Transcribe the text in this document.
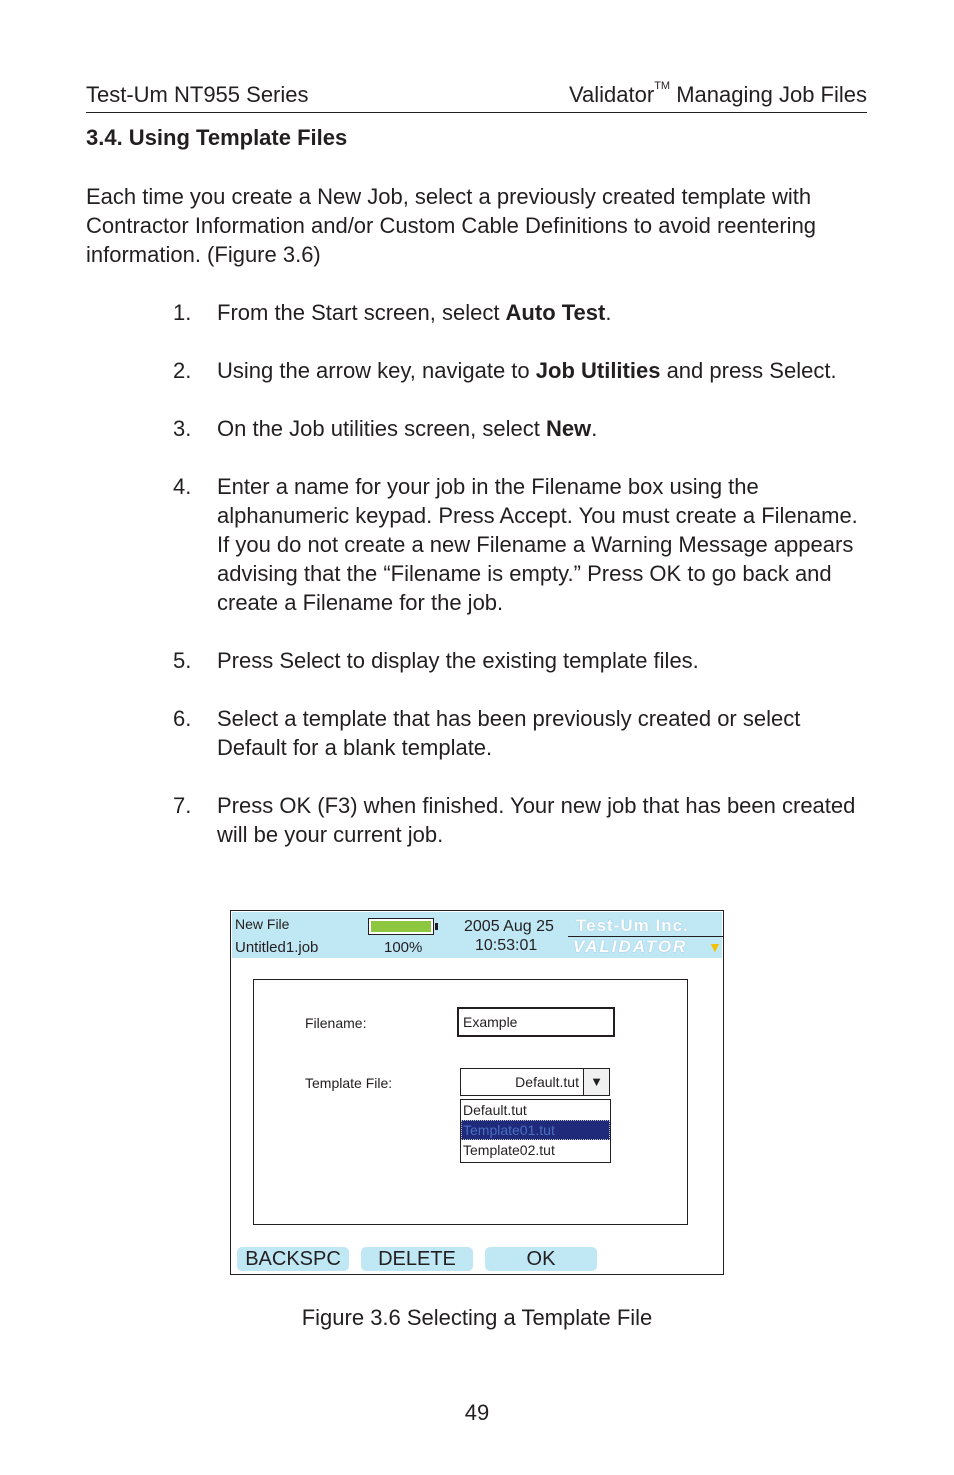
Test-Um NT955 Series	Validator™ Managing Job Files
3.4. Using Template Files

Each time you create a New Job, select a previously created template with Contractor Information and/or Custom Cable Definitions to avoid reentering information. (Figure 3.6)

1. From the Start screen, select Auto Test.
2. Using the arrow key, navigate to Job Utilities and press Select.
3. On the Job utilities screen, select New.
4. Enter a name for your job in the Filename box using the alphanumeric keypad. Press Accept. You must create a Filename. If you do not create a new Filename a Warning Message appears advising that the “Filename is empty.” Press OK to go back and create a Filename for the job.
5. Press Select to display the existing template files.
6. Select a template that has been previously created or select Default for a blank template.
7. Press OK (F3) when finished. Your new job that has been created will be your current job.
New File
Untitled1.job	100%
2005 Aug 25
10:53:01
Test-Um Inc.
VALIDATOR ▼
Filename:	Example
Template File:	Default.tut ▼
Default.tut
Template01.tut
Template02.tut
BACKSPC	DELETE	OK
Figure 3.6 Selecting a Template File
49
